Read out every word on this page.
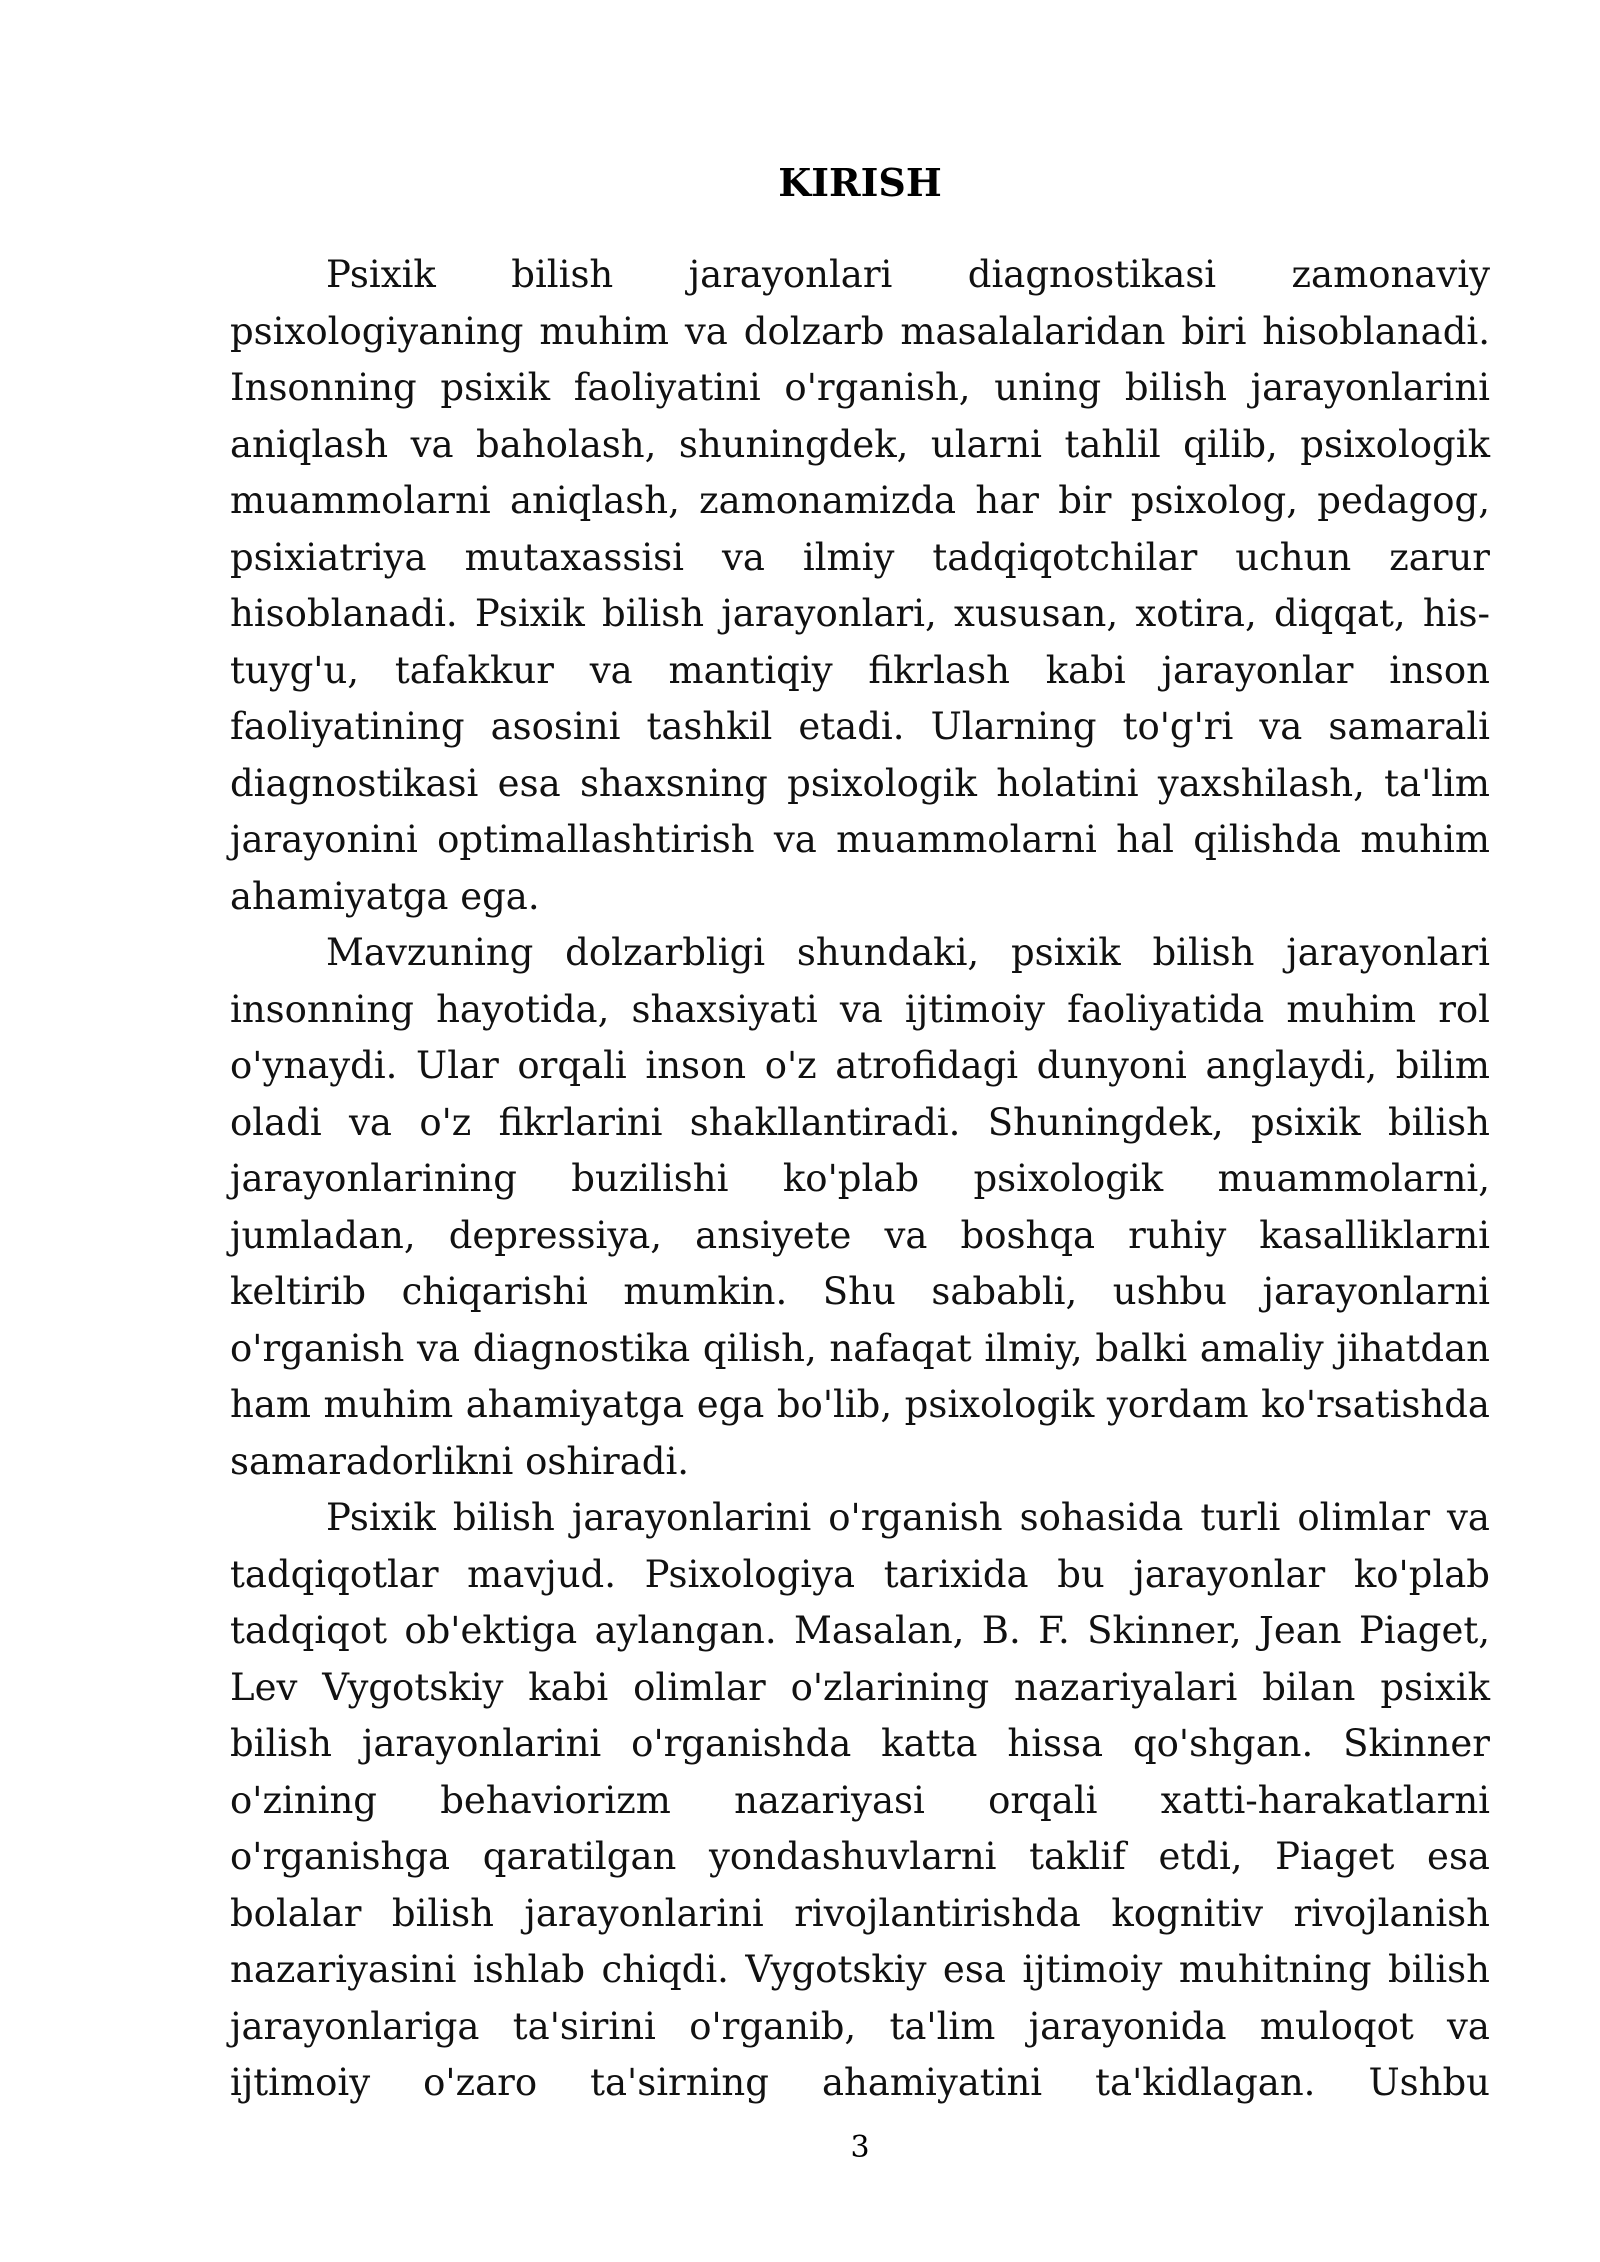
KIRISH

Psixik bilish jarayonlari diagnostikasi zamonaviy psixologiyaning muhim va dolzarb masalalaridan biri hisoblanadi. Insonning psixik faoliyatini o'rganish, uning bilish jarayonlarini aniqlash va baholash, shuningdek, ularni tahlil qilib, psixologik muammolarni aniqlash, zamonamizda har bir psixolog, pedagog, psixiatriya mutaxassisi va ilmiy tadqiqotchilar uchun zarur hisoblanadi. Psixik bilish jarayonlari, xususan, xotira, diqqat, his-tuyg'u, tafakkur va mantiqiy fikrlash kabi jarayonlar inson faoliyatining asosini tashkil etadi. Ularning to'g'ri va samarali diagnostikasi esa shaxsning psixologik holatini yaxshilash, ta'lim jarayonini optimallashtirish va muammolarni hal qilishda muhim ahamiyatga ega.

Mavzuning dolzarbligi shundaki, psixik bilish jarayonlari insonning hayotida, shaxsiyati va ijtimoiy faoliyatida muhim rol o'ynaydi. Ular orqali inson o'z atrofidagi dunyoni anglaydi, bilim oladi va o'z fikrlarini shakllantiradi. Shuningdek, psixik bilish jarayonlarining buzilishi ko'plab psixologik muammolarni, jumladan, depressiya, ansiyete va boshqa ruhiy kasalliklarni keltirib chiqarishi mumkin. Shu sababli, ushbu jarayonlarni o'rganish va diagnostika qilish, nafaqat ilmiy, balki amaliy jihatdan ham muhim ahamiyatga ega bo'lib, psixologik yordam ko'rsatishda samaradorlikni oshiradi.

Psixik bilish jarayonlarini o'rganish sohasida turli olimlar va tadqiqotlar mavjud. Psixologiya tarixida bu jarayonlar ko'plab tadqiqot ob'ektiga aylangan. Masalan, B. F. Skinner, Jean Piaget, Lev Vygotskiy kabi olimlar o'zlarining nazariyalari bilan psixik bilish jarayonlarini o'rganishda katta hissa qo'shgan. Skinner o'zining behaviorizm nazariyasi orqali xatti-harakatlarni o'rganishga qaratilgan yondashuvlarni taklif etdi, Piaget esa bolalar bilish jarayonlarini rivojlantirishda kognitiv rivojlanish nazariyasini ishlab chiqdi. Vygotskiy esa ijtimoiy muhitning bilish jarayonlariga ta'sirini o'rganib, ta'lim jarayonida muloqot va ijtimoiy o'zaro ta'sirning ahamiyatini ta'kidlagan. Ushbu

3
